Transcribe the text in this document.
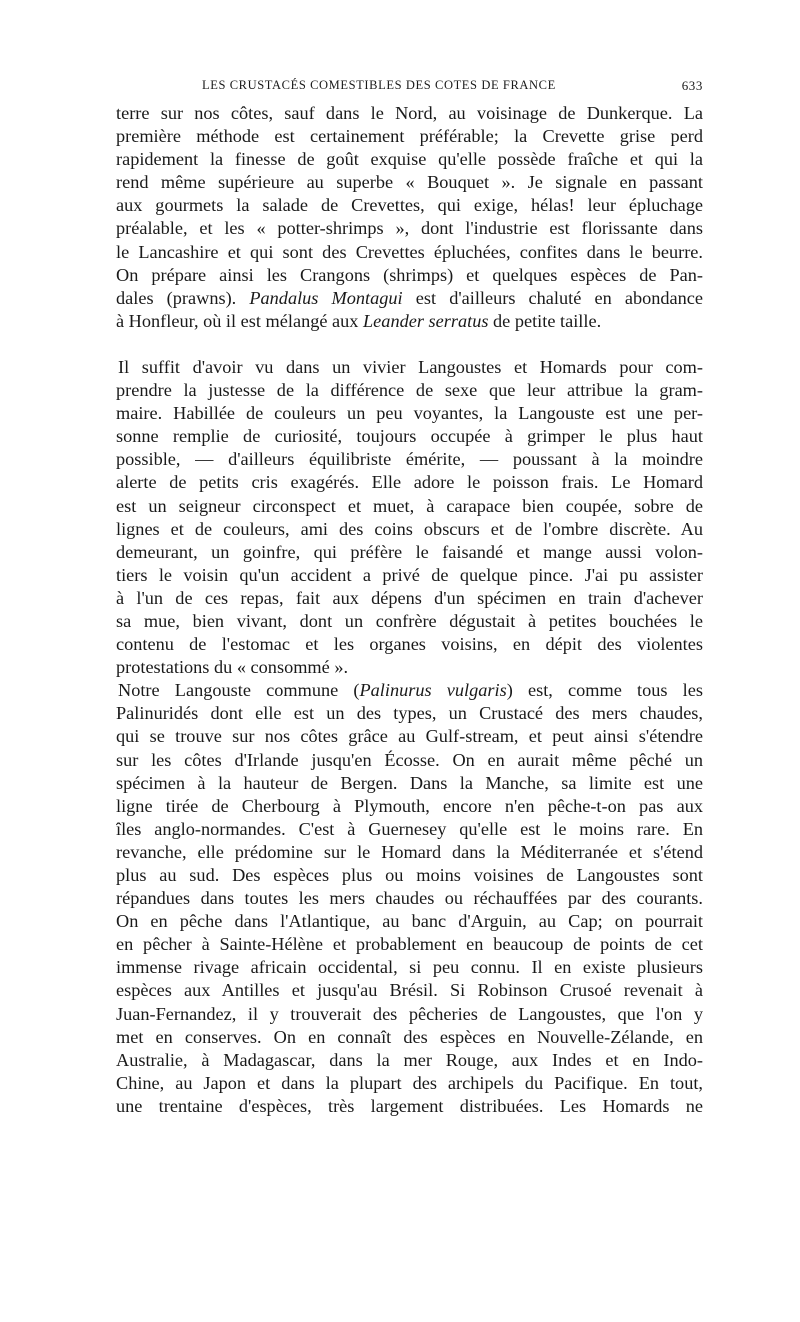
LES CRUSTACÉS COMESTIBLES DES COTES DE FRANCE	633
terre sur nos côtes, sauf dans le Nord, au voisinage de Dunkerque. La
première méthode est certainement préférable; la Crevette grise perd
rapidement la finesse de goût exquise qu'elle possède fraîche et qui la
rend même supérieure au superbe « Bouquet ». Je signale en passant
aux gourmets la salade de Crevettes, qui exige, hélas! leur épluchage
préalable, et les « potter-shrimps », dont l'industrie est florissante dans
le Lancashire et qui sont des Crevettes épluchées, confites dans le beurre.
On prépare ainsi les Crangons (shrimps) et quelques espèces de Pan-
dales (prawns). Pandalus Montagui est d'ailleurs chaluté en abondance
à Honfleur, où il est mélangé aux Leander serratus de petite taille.
Il suffit d'avoir vu dans un vivier Langoustes et Homards pour com-
prendre la justesse de la différence de sexe que leur attribue la gram-
maire. Habillée de couleurs un peu voyantes, la Langouste est une per-
sonne remplie de curiosité, toujours occupée à grimper le plus haut
possible, — d'ailleurs équilibriste émérite, — poussant à la moindre
alerte de petits cris exagérés. Elle adore le poisson frais. Le Homard
est un seigneur circonspect et muet, à carapace bien coupée, sobre de
lignes et de couleurs, ami des coins obscurs et de l'ombre discrète. Au
demeurant, un goinfre, qui préfère le faisandé et mange aussi volon-
tiers le voisin qu'un accident a privé de quelque pince. J'ai pu assister
à l'un de ces repas, fait aux dépens d'un spécimen en train d'achever
sa mue, bien vivant, dont un confrère dégustait à petites bouchées le
contenu de l'estomac et les organes voisins, en dépit des violentes
protestations du « consommé ».
Notre Langouste commune (Palinurus vulgaris) est, comme tous les
Palinuridés dont elle est un des types, un Crustacé des mers chaudes,
qui se trouve sur nos côtes grâce au Gulf-stream, et peut ainsi s'étendre
sur les côtes d'Irlande jusqu'en Écosse. On en aurait même pêché un
spécimen à la hauteur de Bergen. Dans la Manche, sa limite est une
ligne tirée de Cherbourg à Plymouth, encore n'en pêche-t-on pas aux
îles anglo-normandes. C'est à Guernesey qu'elle est le moins rare. En
revanche, elle prédomine sur le Homard dans la Méditerranée et s'étend
plus au sud. Des espèces plus ou moins voisines de Langoustes sont
répandues dans toutes les mers chaudes ou réchauffées par des courants.
On en pêche dans l'Atlantique, au banc d'Arguin, au Cap; on pourrait
en pêcher à Sainte-Hélène et probablement en beaucoup de points de cet
immense rivage africain occidental, si peu connu. Il en existe plusieurs
espèces aux Antilles et jusqu'au Brésil. Si Robinson Crusoé revenait à
Juan-Fernandez, il y trouverait des pêcheries de Langoustes, que l'on y
met en conserves. On en connaît des espèces en Nouvelle-Zélande, en
Australie, à Madagascar, dans la mer Rouge, aux Indes et en Indo-
Chine, au Japon et dans la plupart des archipels du Pacifique. En tout,
une trentaine d'espèces, très largement distribuées. Les Homards ne
